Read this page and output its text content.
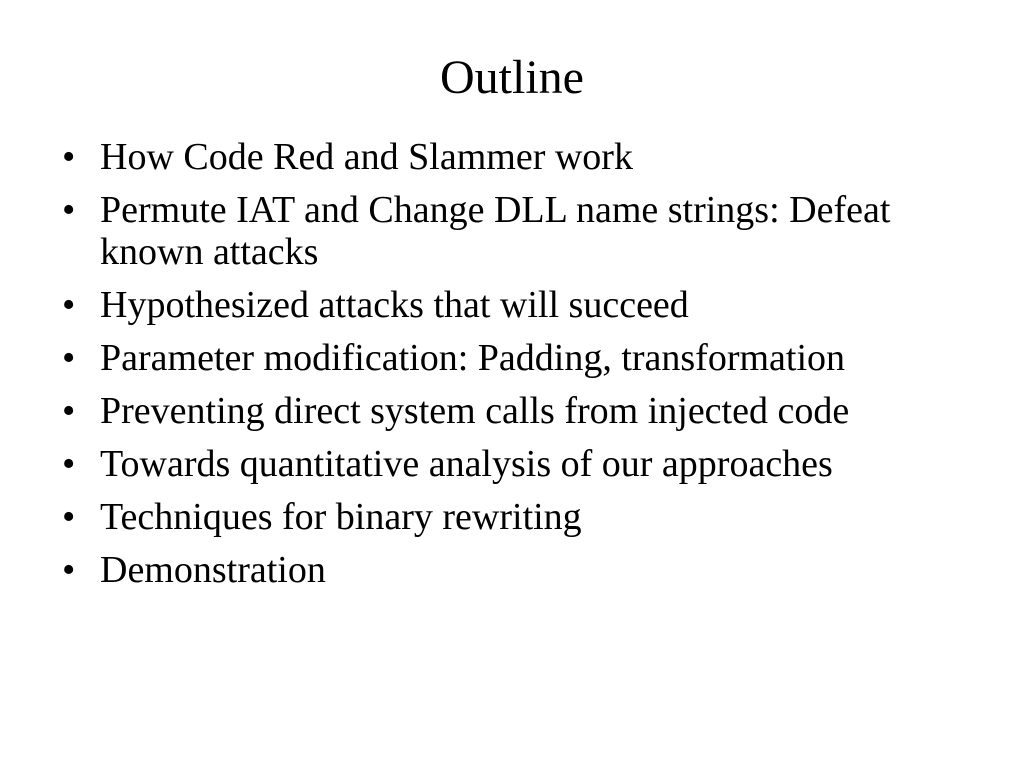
Outline
• How Code Red and Slammer work
• Permute IAT and Change DLL name strings: Defeat known attacks
• Hypothesized attacks that will succeed
• Parameter modification: Padding, transformation
• Preventing direct system calls from injected code
• Towards quantitative analysis of our approaches
• Techniques for binary rewriting
• Demonstration
